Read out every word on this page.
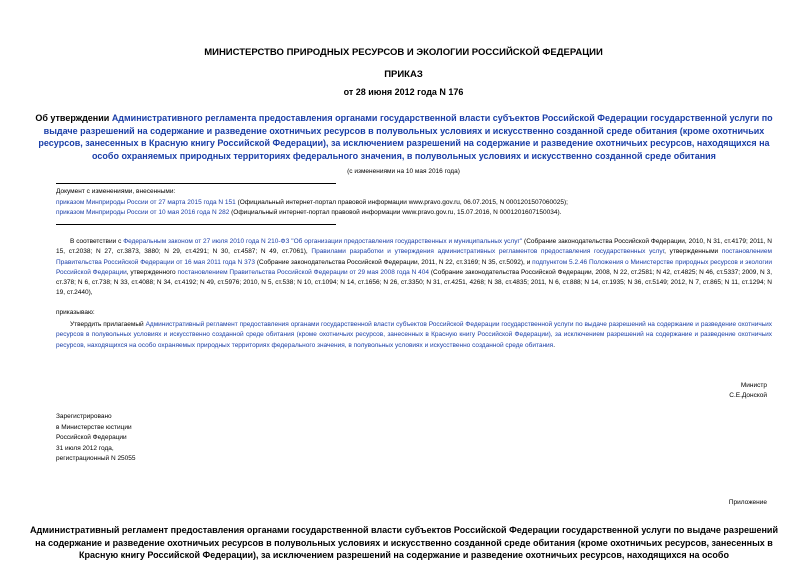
МИНИСТЕРСТВО ПРИРОДНЫХ РЕСУРСОВ И ЭКОЛОГИИ РОССИЙСКОЙ ФЕДЕРАЦИИ
ПРИКАЗ
от 28 июня 2012 года N 176
Об утверждении Административного регламента предоставления органами государственной власти субъектов Российской Федерации государственной услуги по выдаче разрешений на содержание и разведение охотничьих ресурсов в полувольных условиях и искусственно созданной среде обитания (кроме охотничьих ресурсов, занесенных в Красную книгу Российской Федерации), за исключением разрешений на содержание и разведение охотничьих ресурсов, находящихся на особо охраняемых природных территориях федерального значения, в полувольных условиях и искусственно созданной среде обитания
(с изменениями на 10 мая 2016 года)
Документ с изменениями, внесенными:
приказом Минприроды России от 27 марта 2015 года N 151 (Официальный интернет-портал правовой информации www.pravo.gov.ru, 06.07.2015, N 0001201507060025);
приказом Минприроды России от 10 мая 2016 года N 282 (Официальный интернет-портал правовой информации www.pravo.gov.ru, 15.07.2016, N 0001201607150034).
В соответствии с Федеральным законом от 27 июля 2010 года N 210-ФЗ "Об организации предоставления государственных и муниципальных услуг" (Собрание законодательства Российской Федерации, 2010, N 31, ст.4179; 2011, N 15, ст.2038; N 27, ст.3873, 3880; N 29, ст.4291; N 30, ст.4587; N 49, ст.7061), Правилами разработки и утверждения административных регламентов предоставления государственных услуг, утвержденными постановлением Правительства Российской Федерации от 16 мая 2011 года N 373 (Собрание законодательства Российской Федерации, 2011, N 22, ст.3169; N 35, ст.5092), и подпунктом 5.2.46 Положения о Министерстве природных ресурсов и экологии Российской Федерации, утвержденного постановлением Правительства Российской Федерации от 29 мая 2008 года N 404 (Собрание законодательства Российской Федерации, 2008, N 22, ст.2581; N 42, ст.4825; N 46, ст.5337; 2009, N 3, ст.378; N 6, ст.738; N 33, ст.4088; N 34, ст.4192; N 49, ст.5976; 2010, N 5, ст.538; N 10, ст.1094; N 14, ст.1656; N 26, ст.3350; N 31, ст.4251, 4268; N 38, ст.4835; 2011, N 6, ст.888; N 14, ст.1935; N 36, ст.5149; 2012, N 7, ст.865; N 11, ст.1294; N 19, ст.2440),
приказываю:
Утвердить прилагаемый Административный регламент предоставления органами государственной власти субъектов Российской Федерации государственной услуги по выдаче разрешений на содержание и разведение охотничьих ресурсов в полувольных условиях и искусственно созданной среде обитания (кроме охотничьих ресурсов, занесенных в Красную книгу Российской Федерации), за исключением разрешений на содержание и разведение охотничьих ресурсов, находящихся на особо охраняемых природных территориях федерального значения, в полувольных условиях и искусственно созданной среде обитания.
Министр
С.Е.Донской
Зарегистрировано
в Министерстве юстиции
Российской Федерации
31 июля 2012 года,
регистрационный N 25055
Приложение
Административный регламент предоставления органами государственной власти субъектов Российской Федерации государственной услуги по выдаче разрешений на содержание и разведение охотничьих ресурсов в полувольных условиях и искусственно созданной среде обитания (кроме охотничьих ресурсов, занесенных в Красную книгу Российской Федерации), за исключением разрешений на содержание и разведение охотничьих ресурсов, находящихся на особо
